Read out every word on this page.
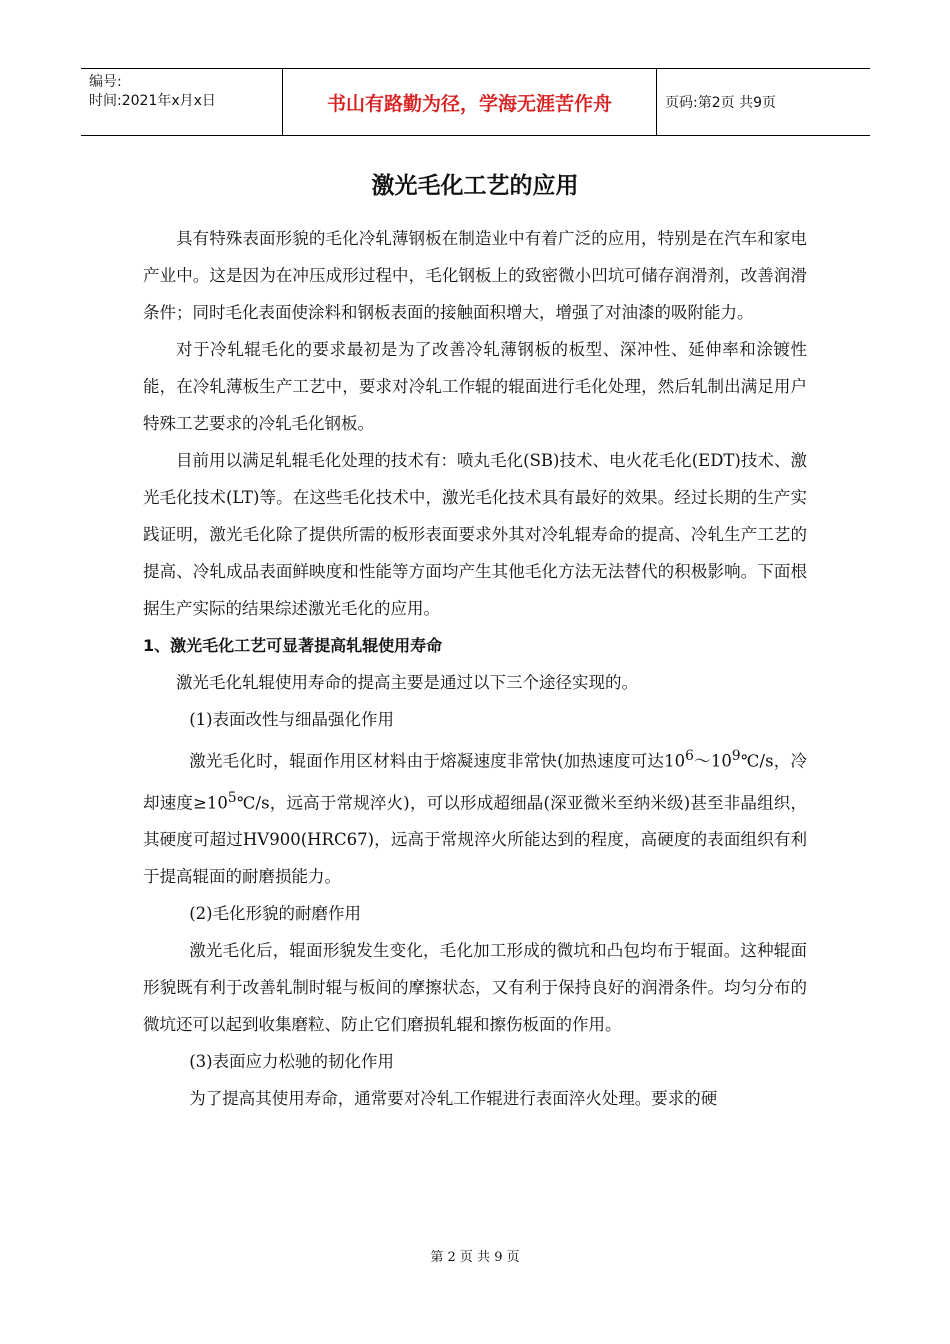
编号:
时间:2021年x月x日	书山有路勤为径，学海无涯苦作舟	页码:第2页 共9页
激光毛化工艺的应用

具有特殊表面形貌的毛化冷轧薄钢板在制造业中有着广泛的应用，特别是在汽车和家电产业中。这是因为在冲压成形过程中，毛化钢板上的致密微小凹坑可储存润滑剂，改善润滑条件；同时毛化表面使涂料和钢板表面的接触面积增大，增强了对油漆的吸附能力。

对于冷轧辊毛化的要求最初是为了改善冷轧薄钢板的板型、深冲性、延伸率和涂镀性能，在冷轧薄板生产工艺中，要求对冷轧工作辊的辊面进行毛化处理，然后轧制出满足用户特殊工艺要求的冷轧毛化钢板。

目前用以满足轧辊毛化处理的技术有：喷丸毛化(SB)技术、电火花毛化(EDT)技术、激光毛化技术(LT)等。在这些毛化技术中，激光毛化技术具有最好的效果。经过长期的生产实践证明，激光毛化除了提供所需的板形表面要求外其对冷轧辊寿命的提高、冷轧生产工艺的提高、冷轧成品表面鲜映度和性能等方面均产生其他毛化方法无法替代的积极影响。下面根据生产实际的结果综述激光毛化的应用。

1、激光毛化工艺可显著提高轧辊使用寿命

激光毛化轧辊使用寿命的提高主要是通过以下三个途径实现的。

(1)表面改性与细晶强化作用

激光毛化时，辊面作用区材料由于熔凝速度非常快(加热速度可达$10^6\sim 10^9℃/s$，冷却速度$\ge 10^5℃/s$，远高于常规淬火)，可以形成超细晶(深亚微米至纳米级)甚至非晶组织，其硬度可超过HV900(HRC67)，远高于常规淬火所能达到的程度，高硬度的表面组织有利于提高辊面的耐磨损能力。

(2)毛化形貌的耐磨作用

激光毛化后，辊面形貌发生变化，毛化加工形成的微坑和凸包均布于辊面。这种辊面形貌既有利于改善轧制时辊与板间的摩擦状态，又有利于保持良好的润滑条件。均匀分布的微坑还可以起到收集磨粒、防止它们磨损轧辊和擦伤板面的作用。

(3)表面应力松驰的韧化作用

为了提高其使用寿命，通常要对冷轧工作辊进行表面淬火处理。要求的硬

第 2 页 共 9 页
